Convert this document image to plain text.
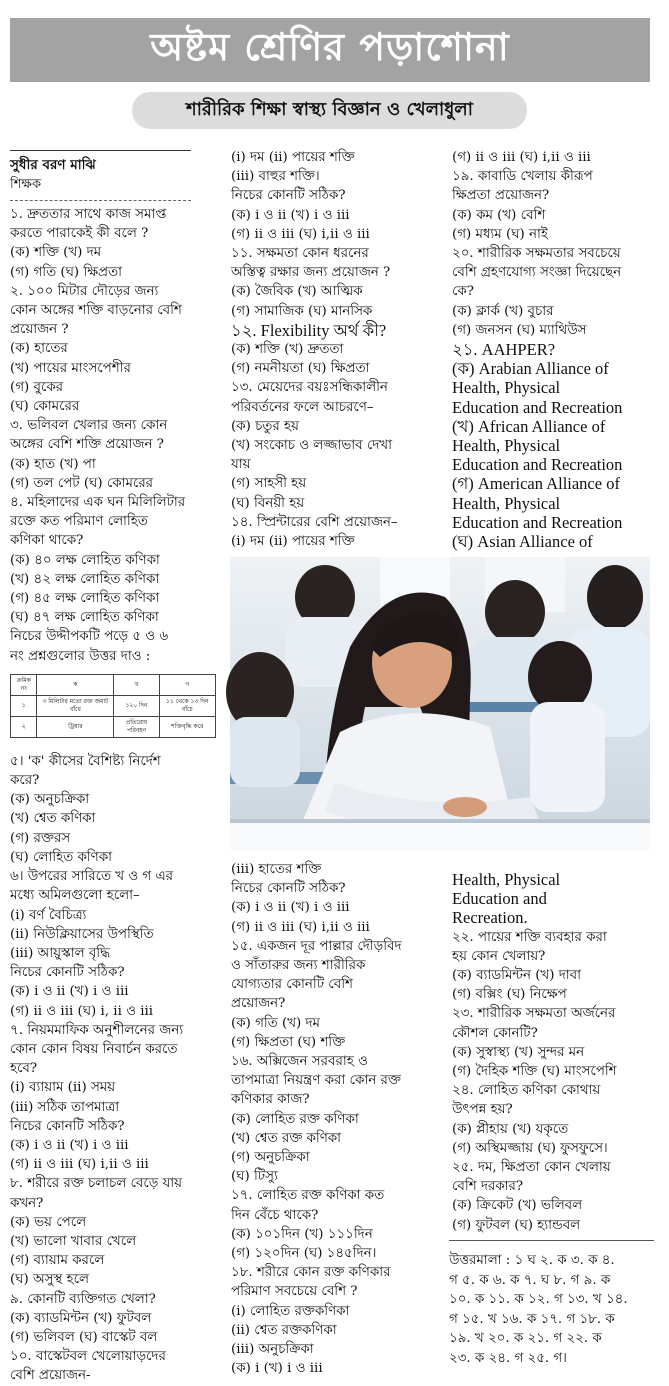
অষ্টম শ্রেণির পড়াশোনা
শারীরিক শিক্ষা স্বাস্থ্য বিজ্ঞান ও খেলাধুলা
সুধীর বরণ মাঝি
শিক্ষক
১. দ্রুততার সাথে কাজ সমাপ্ত
করতে পারাকেই কী বলে ?
(ক) শক্তি (খ) দম
(গ) গতি (ঘ) ক্ষিপ্রতা
২. ১০০ মিটার দৌড়ের জন্য
কোন অঙ্গের শক্তি বাড়নোর বেশি
প্রয়োজন ?
(ক) হাতের
(খ) পায়ের মাংসপেশীর
(গ) বুকের
(ঘ) কোমরের
৩. ভলিবল খেলার জন্য কোন
অঙ্গের বেশি শক্তি প্রয়োজন ?
(ক) হাত (খ) পা
(গ) তল পেট (ঘ) কোমরের
৪. মহিলাদের এক ঘন মিলিলিটার
রক্তে কত পরিমাণ লোহিত
কণিকা থাকে?
(ক) ৪০ লক্ষ লোহিত কণিকা
(খ) ৪২ লক্ষ লোহিত কণিকা
(গ) ৪৫ লক্ষ লোহিত কণিকা
(ঘ) ৪৭ লক্ষ লোহিত কণিকা
নিচের উদ্দীপকটি পড়ে ৫ ও ৬
নং প্রশ্নগুলোর উত্তর দাও :
ক্রমিক নং	ক	খ	গ
১	৩ মিলিটার মতো রক্ত জমাট বাঁধে	১২০ দিন	১১ থেকে ১৩ দিন বাঁচে
২	ট্রিয়ার	প্রতিরোধ পরিবহন	শক্তিবৃদ্ধি করে
৫। 'ক' কীসের বৈশিষ্ট্য নির্দেশ
করে?
(ক) অনুচক্রিকা
(খ) শ্বেত কণিকা
(গ) রক্তরস
(ঘ) লোহিত কণিকা
৬। উপরের সারিতে খ ও গ এর
মধ্যে অমিলগুলো হলো–
(i) বর্ণ বৈচিত্র্য
(ii) নিউক্লিয়াসের উপস্থিতি
(iii) আয়ুস্কাল বৃদ্ধি
নিচের কোনটি সঠিক?
(ক) i ও ii (খ) i ও iii
(গ) ii ও iii (ঘ) i, ii ও iii
৭. নিয়মমাফিক অনুশীলনের জন্য
কোন কোন বিষয় নিবার্চন করতে
হবে?
(i) ব্যায়াম (ii) সময়
(iii) সঠিক তাপমাত্রা
নিচের কোনটি সঠিক?
(ক) i ও ii (খ) i ও iii
(গ) ii ও iii (ঘ) i,ii ও iii
৮. শরীরে রক্ত চলাচল বেড়ে যায়
কখন?
(ক) ভয় পেলে
(খ) ভালো খাবার খেলে
(গ) ব্যায়াম করলে
(ঘ) অসুস্থ হলে
৯. কোনটি ব্যক্তিগত খেলা?
(ক) ব্যাডমিন্টন (খ) ফুটবল
(গ) ভলিবল (ঘ) বাস্কেট বল
১০. বাস্কেটবল খেলোয়াড়দের
বেশি প্রয়োজন-
(i) দম (ii) পায়ের শক্তি
(iii) বাহুর শক্তি।
নিচের কোনটি সঠিক?
(ক) i ও ii (খ) i ও iii
(গ) ii ও iii (ঘ) i,ii ও iii
১১. সক্ষমতা কোন ধরনের
অস্তিত্ব রক্ষার জন্য প্রয়োজন ?
(ক) জৈবিক (খ) আত্মিক
(গ) সামাজিক (ঘ) মানসিক
১২. Flexibility অর্থ কী?
(ক) শক্তি (খ) দ্রুততা
(গ) নমনীয়তা (ঘ) ক্ষিপ্রতা
১৩. মেয়েদের বয়ঃসন্ধিকালীন
পরিবর্তনের ফলে আচরণে–
(ক) চতুর হয়
(খ) সংকোচ ও লজ্জাভাব দেখা
যায়
(গ) সাহসী হয়
(ঘ) বিনয়ী হয়
১৪. স্প্রিন্টারের বেশি প্রয়োজন–
(i) দম (ii) পায়ের শক্তি
(গ) ii ও iii (ঘ) i,ii ও iii
১৯. কাবাডি খেলায় কীরূপ
ক্ষিপ্রতা প্রয়োজন?
(ক) কম (খ) বেশি
(গ) মধ্যম (ঘ) নাই
২০. শারীরিক সক্ষমতার সবচেয়ে
বেশি গ্রহণযোগ্য সংজ্ঞা দিয়েছেন
কে?
(ক) ক্লার্ক (খ) বুচার
(গ) জনসন (ঘ) ম্যাথিউস
২১. AAHPER?
(ক) Arabian Alliance of
Health, Physical
Education and Recreation
(খ) African Alliance of
Health, Physical
Education and Recreation
(গ) American Alliance of
Health, Physical
Education and Recreation
(ঘ) Asian Alliance of
(iii) হাতের শক্তি
নিচের কোনটি সঠিক?
(ক) i ও ii (খ) i ও iii
(গ) ii ও iii (ঘ) i,ii ও iii
১৫. একজন দূর পাল্লার দৌড়বিদ
ও সাঁতারুর জন্য শারীরিক
যোগ্যতার কোনটি বেশি
প্রয়োজন?
(ক) গতি (খ) দম
(গ) ক্ষিপ্রতা (ঘ) শক্তি
১৬. অক্সিজেন সরবরাহ ও
তাপমাত্রা নিয়ন্ত্রণ করা কোন রক্ত
কণিকার কাজ?
(ক) লোহিত রক্ত কণিকা
(খ) শ্বেত রক্ত কণিকা
(গ) অনুচক্রিকা
(ঘ) টিস্যু
১৭. লোহিত রক্ত কণিকা কত
দিন বেঁচে থাকে?
(ক) ১০১দিন (খ) ১১১দিন
(গ) ১২০দিন (ঘ) ১৪৫দিন।
১৮. শরীরে কোন রক্ত কণিকার
পরিমাণ সবচেয়ে বেশি ?
(i) লোহিত রক্তকণিকা
(ii) শ্বেত রক্তকণিকা
(iii) অনুচক্রিকা
(ক) i (খ) i ও iii
Health, Physical
Education and
Recreation.
২২. পায়ের শক্তি ব্যবহার করা
হয় কোন খেলায়?
(ক) ব্যাডমিন্টন (খ) দাবা
(গ) বক্সিং (ঘ) নিক্ষেপ
২৩. শারীরিক সক্ষমতা অর্জনের
কৌশল কোনটি?
(ক) সুস্বাস্থ্য (খ) সুন্দর মন
(গ) দৈহিক শক্তি (ঘ) মাংসপেশি
২৪. লোহিত কণিকা কোথায়
উৎপন্ন হয়?
(ক) প্লীহায় (খ) যকৃতে
(গ) অস্থিমজ্জায় (ঘ) ফুসফুসে।
২৫. দম, ক্ষিপ্রতা কোন খেলায়
বেশি দরকার?
(ক) ক্রিকেট (খ) ভলিবল
(গ) ফুটবল (ঘ) হ্যান্ডবল
উত্তরমালা : ১ ঘ ২. ক ৩. ক ৪.
গ ৫. ক ৬. ক ৭. ঘ ৮. গ ৯. ক
১০. ক ১১. ক ১২. গ ১৩. খ ১৪.
গ ১৫. খ ১৬. ক ১৭. গ ১৮. ক
১৯. খ ২০. ক ২১. গ ২২. ক
২৩. ক ২৪. গ ২৫. গ।
